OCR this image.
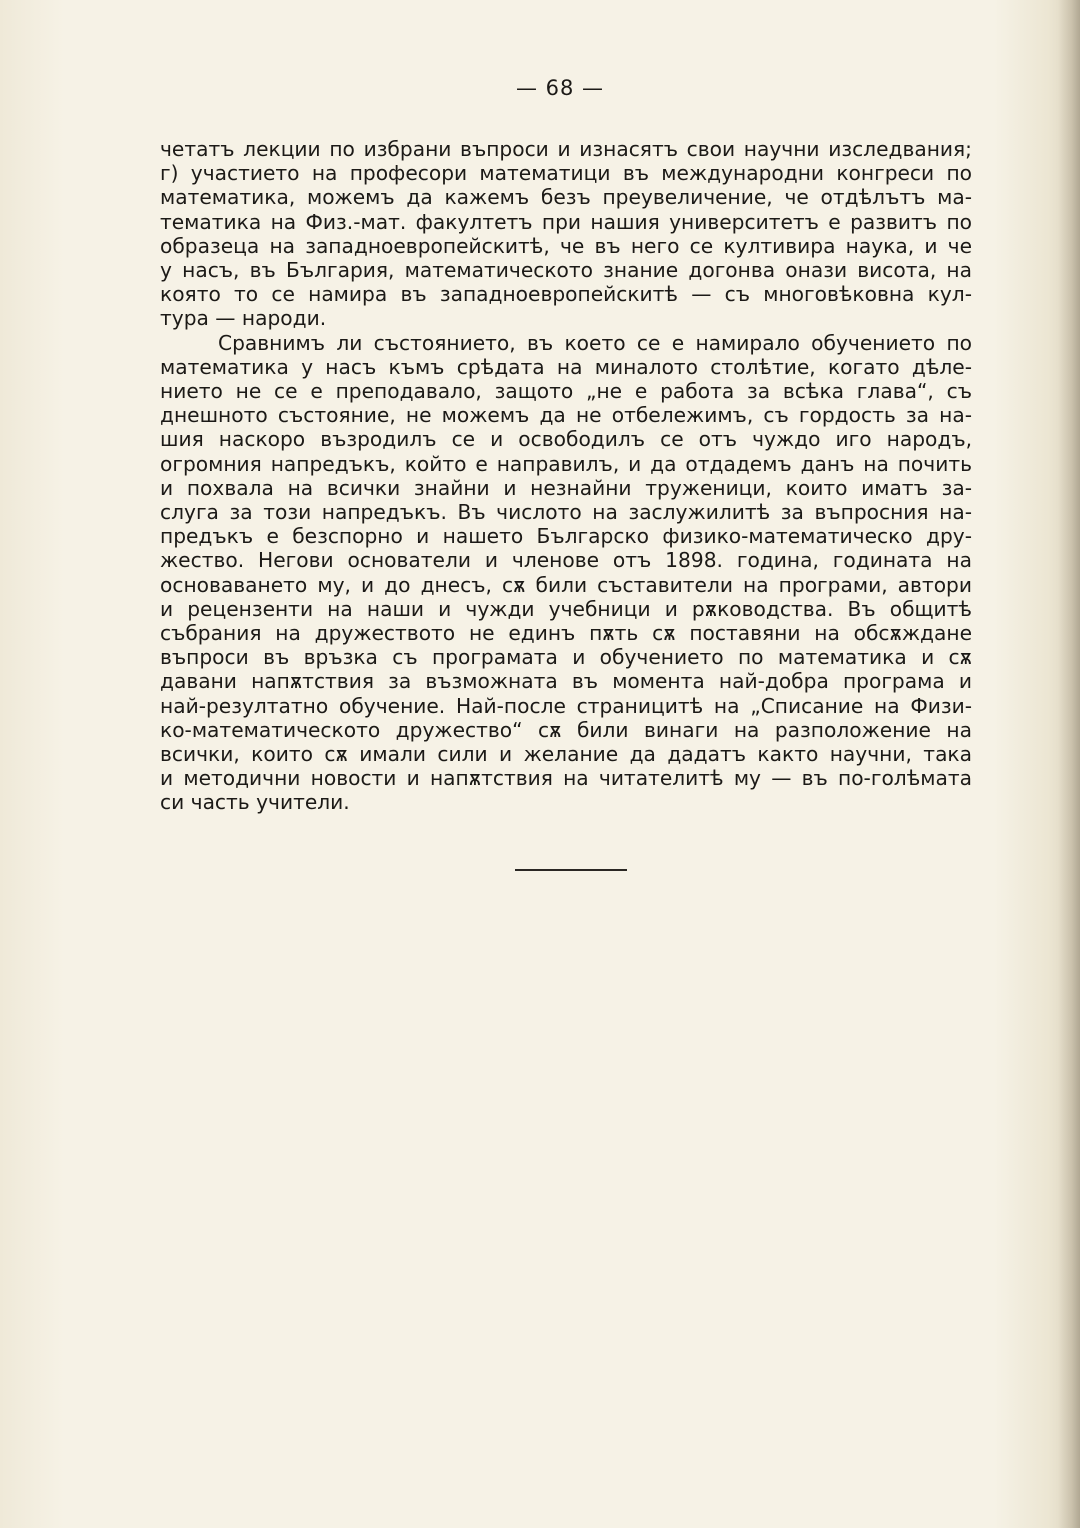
— 68 —
четатъ лекции по избрани въпроси и изнасятъ свои научни изследвания;
г) участието на професори математици въ международни конгреси по
математика, можемъ да кажемъ безъ преувеличение, че отдѣлътъ ма-
тематика на Физ.-мат. факултетъ при нашия университетъ е развитъ по
образеца на западноевропейскитѣ, че въ него се култивира наука, и че
у насъ, въ България, математическото знание догонва онази висота, на
която то се намира въ западноевропейскитѣ — съ многовѣковна кул-
тура — народи.
Сравнимъ ли състоянието, въ което се е намирало обучението по
математика у насъ къмъ срѣдата на миналото столѣтие, когато дѣле-
нието не се е преподавало, защото „не е работа за всѣка глава“, съ
днешното състояние, не можемъ да не отбележимъ, съ гордость за на-
шия наскоро възродилъ се и освободилъ се отъ чуждо иго народъ,
огромния напредъкъ, който е направилъ, и да отдадемъ данъ на почить
и похвала на всички знайни и незнайни труженици, които иматъ за-
слуга за този напредъкъ. Въ числото на заслужилитѣ за въпросния на-
предъкъ е безспорно и нашето Българско физико-математическо дру-
жество. Негови основатели и членове отъ 1898. година, годината на
основаването му, и до днесъ, сѫ били съставители на програми, автори
и рецензенти на наши и чужди учебници и рѫководства. Въ общитѣ
събрания на дружеството не единъ пѫть сѫ поставяни на обсѫждане
въпроси въ връзка съ програмата и обучението по математика и сѫ
давани напѫтствия за възможната въ момента най-добра програма и
най-резултатно обучение. Най-после страницитѣ на „Списание на Физи-
ко-математическото дружество“ сѫ били винаги на разположение на
всички, които сѫ имали сили и желание да дадатъ както научни, така
и методични новости и напѫтствия на читателитѣ му — въ по-голѣмата
си часть учители.
